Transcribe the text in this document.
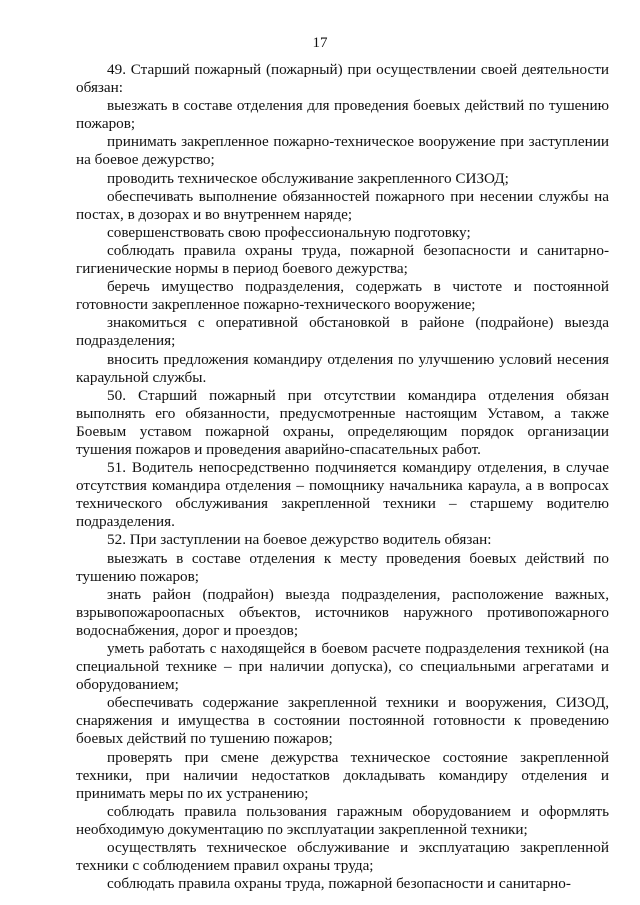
17

49. Старший пожарный (пожарный) при осуществлении своей деятельности обязан:

выезжать в составе отделения для проведения боевых действий по тушению пожаров;

принимать закрепленное пожарно-техническое вооружение при заступлении на боевое дежурство;

проводить техническое обслуживание закрепленного СИЗОД;

обеспечивать выполнение обязанностей пожарного при несении службы на постах, в дозорах и во внутреннем наряде;

совершенствовать свою профессиональную подготовку;

соблюдать правила охраны труда, пожарной безопасности и санитарно-гигиенические нормы в период боевого дежурства;

беречь имущество подразделения, содержать в чистоте и постоянной готовности закрепленное пожарно-технического вооружение;

знакомиться с оперативной обстановкой в районе (подрайоне) выезда подразделения;

вносить предложения командиру отделения по улучшению условий несения караульной службы.

50. Старший пожарный при отсутствии командира отделения обязан выполнять его обязанности, предусмотренные настоящим Уставом, а также Боевым уставом пожарной охраны, определяющим порядок организации тушения пожаров и проведения аварийно-спасательных работ.

51. Водитель непосредственно подчиняется командиру отделения, в случае отсутствия командира отделения – помощнику начальника караула, а в вопросах технического обслуживания закрепленной техники – старшему водителю подразделения.

52. При заступлении на боевое дежурство водитель обязан:

выезжать в составе отделения к месту проведения боевых действий по тушению пожаров;

знать район (подрайон) выезда подразделения, расположение важных, взрывопожароопасных объектов, источников наружного противопожарного водоснабжения, дорог и проездов;

уметь работать с находящейся в боевом расчете подразделения техникой (на специальной технике – при наличии допуска), со специальными агрегатами и оборудованием;

обеспечивать содержание закрепленной техники и вооружения, СИЗОД, снаряжения и имущества в состоянии постоянной готовности к проведению боевых действий по тушению пожаров;

проверять при смене дежурства техническое состояние закрепленной техники, при наличии недостатков докладывать командиру отделения и принимать меры по их устранению;

соблюдать правила пользования гаражным оборудованием и оформлять необходимую документацию по эксплуатации закрепленной техники;

осуществлять техническое обслуживание и эксплуатацию закрепленной техники с соблюдением правил охраны труда;

соблюдать правила охраны труда, пожарной безопасности и санитарно-
